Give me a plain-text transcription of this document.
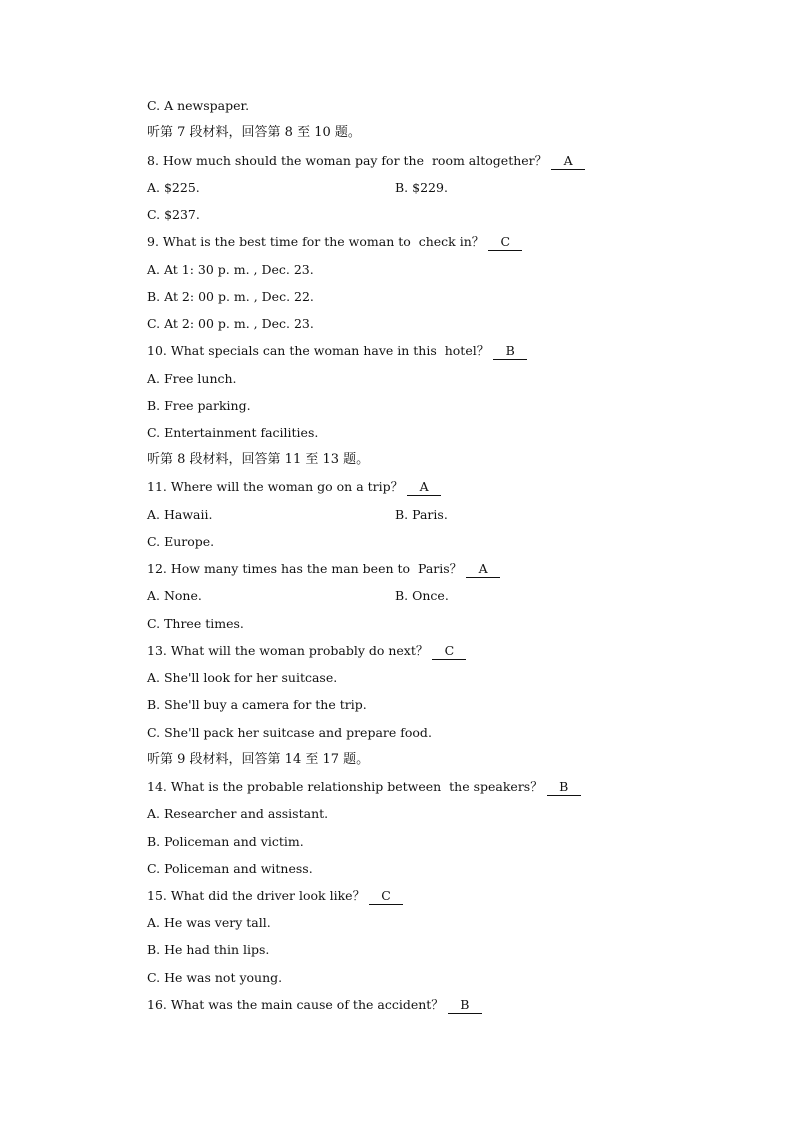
C. A newspaper.
听第 7 段材料，回答第 8 至 10 题。
8. How much should the woman pay for the  room altogether？ A
A. $225.	B. $229.
C. $237.
9. What is the best time for the woman to  check in？ C
A. At 1: 30 p. m. , Dec. 23.
B. At 2: 00 p. m. , Dec. 22.
C. At 2: 00 p. m. , Dec. 23.
10. What specials can the woman have in this  hotel？ B
A. Free lunch.
B. Free parking.
C. Entertainment facilities.
听第 8 段材料，回答第 11 至 13 题。
11. Where will the woman go on a trip？ A
A. Hawaii.	B. Paris.
C. Europe.
12. How many times has the man been to  Paris？ A
A. None.	B. Once.
C. Three times.
13. What will the woman probably do next？ C
A. She'll look for her suitcase.
B. She'll buy a camera for the trip.
C. She'll pack her suitcase and prepare food.
听第 9 段材料，回答第 14 至 17 题。
14. What is the probable relationship between  the speakers？ B
A. Researcher and assistant.
B. Policeman and victim.
C. Policeman and witness.
15. What did the driver look like？ C
A. He was very tall.
B. He had thin lips.
C. He was not young.
16. What was the main cause of the accident？ B
